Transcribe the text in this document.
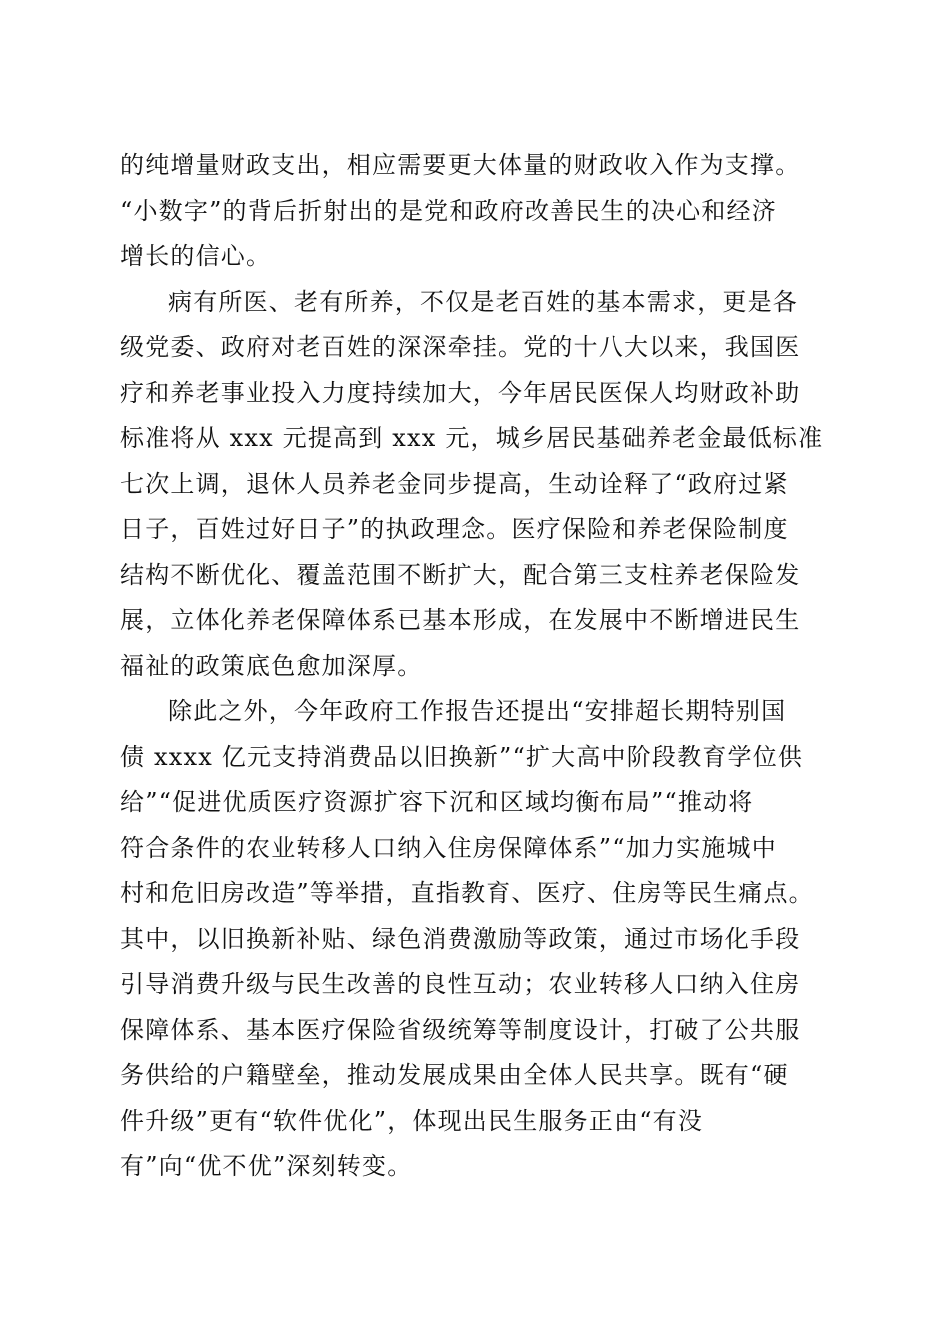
的纯增量财政支出，相应需要更大体量的财政收入作为支撑。
“小数字”的背后折射出的是党和政府改善民生的决心和经济
增长的信心。
病有所医、老有所养，不仅是老百姓的基本需求，更是各
级党委、政府对老百姓的深深牵挂。党的十八大以来，我国医
疗和养老事业投入力度持续加大，今年居民医保人均财政补助
标准将从 xxx 元提高到 xxx 元，城乡居民基础养老金最低标准
七次上调，退休人员养老金同步提高，生动诠释了“政府过紧
日子，百姓过好日子”的执政理念。医疗保险和养老保险制度
结构不断优化、覆盖范围不断扩大，配合第三支柱养老保险发
展，立体化养老保障体系已基本形成，在发展中不断增进民生
福祉的政策底色愈加深厚。
除此之外，今年政府工作报告还提出“安排超长期特别国
债 xxxx 亿元支持消费品以旧换新”“扩大高中阶段教育学位供
给”“促进优质医疗资源扩容下沉和区域均衡布局”“推动将
符合条件的农业转移人口纳入住房保障体系”“加力实施城中
村和危旧房改造”等举措，直指教育、医疗、住房等民生痛点。
其中，以旧换新补贴、绿色消费激励等政策，通过市场化手段
引导消费升级与民生改善的良性互动；农业转移人口纳入住房
保障体系、基本医疗保险省级统筹等制度设计，打破了公共服
务供给的户籍壁垒，推动发展成果由全体人民共享。既有“硬
件升级”更有“软件优化”，体现出民生服务正由“有没
有”向“优不优”深刻转变。
